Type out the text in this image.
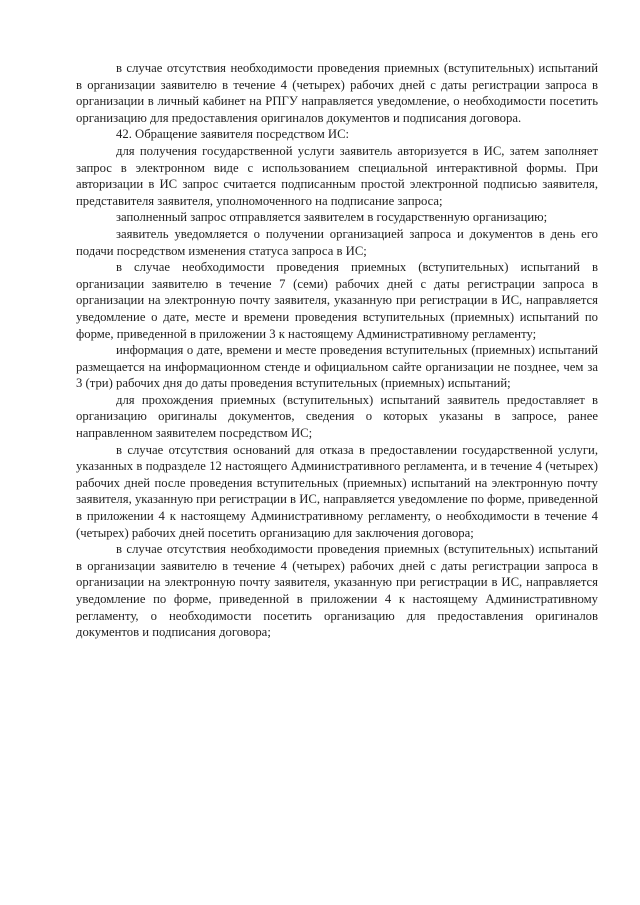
в случае отсутствия необходимости проведения приемных (вступительных) испытаний в организации заявителю в течение 4 (четырех) рабочих дней с даты регистрации запроса в организации в личный кабинет на РПГУ направляется уведомление, о необходимости посетить организацию для предоставления оригиналов документов и подписания договора.

42. Обращение заявителя посредством ИС:

для получения государственной услуги заявитель авторизуется в ИС, затем заполняет запрос в электронном виде с использованием специальной интерактивной формы. При авторизации в ИС запрос считается подписанным простой электронной подписью заявителя, представителя заявителя, уполномоченного на подписание запроса;

заполненный запрос отправляется заявителем в государственную организацию;

заявитель уведомляется о получении организацией запроса и документов в день его подачи посредством изменения статуса запроса в ИС;

в случае необходимости проведения приемных (вступительных) испытаний в организации заявителю в течение 7 (семи) рабочих дней с даты регистрации запроса в организации на электронную почту заявителя, указанную при регистрации в ИС, направляется уведомление о дате, месте и времени проведения вступительных (приемных) испытаний по форме, приведенной в приложении 3 к настоящему Административному регламенту;

информация о дате, времени и месте проведения вступительных (приемных) испытаний размещается на информационном стенде и официальном сайте организации не позднее, чем за 3 (три) рабочих дня до даты проведения вступительных (приемных) испытаний;

для прохождения приемных (вступительных) испытаний заявитель предоставляет в организацию оригиналы документов, сведения о которых указаны в запросе, ранее направленном заявителем посредством ИС;

в случае отсутствия оснований для отказа в предоставлении государственной услуги, указанных в подразделе 12 настоящего Административного регламента, и в течение 4 (четырех) рабочих дней после проведения вступительных (приемных) испытаний на электронную почту заявителя, указанную при регистрации в ИС, направляется уведомление по форме, приведенной в приложении 4 к настоящему Административному регламенту, о необходимости в течение 4 (четырех) рабочих дней посетить организацию для заключения договора;

в случае отсутствия необходимости проведения приемных (вступительных) испытаний в организации заявителю в течение 4 (четырех) рабочих дней с даты регистрации запроса в организации на электронную почту заявителя, указанную при регистрации в ИС, направляется уведомление по форме, приведенной в приложении 4 к настоящему Административному регламенту, о необходимости посетить организацию для предоставления оригиналов документов и подписания договора;
